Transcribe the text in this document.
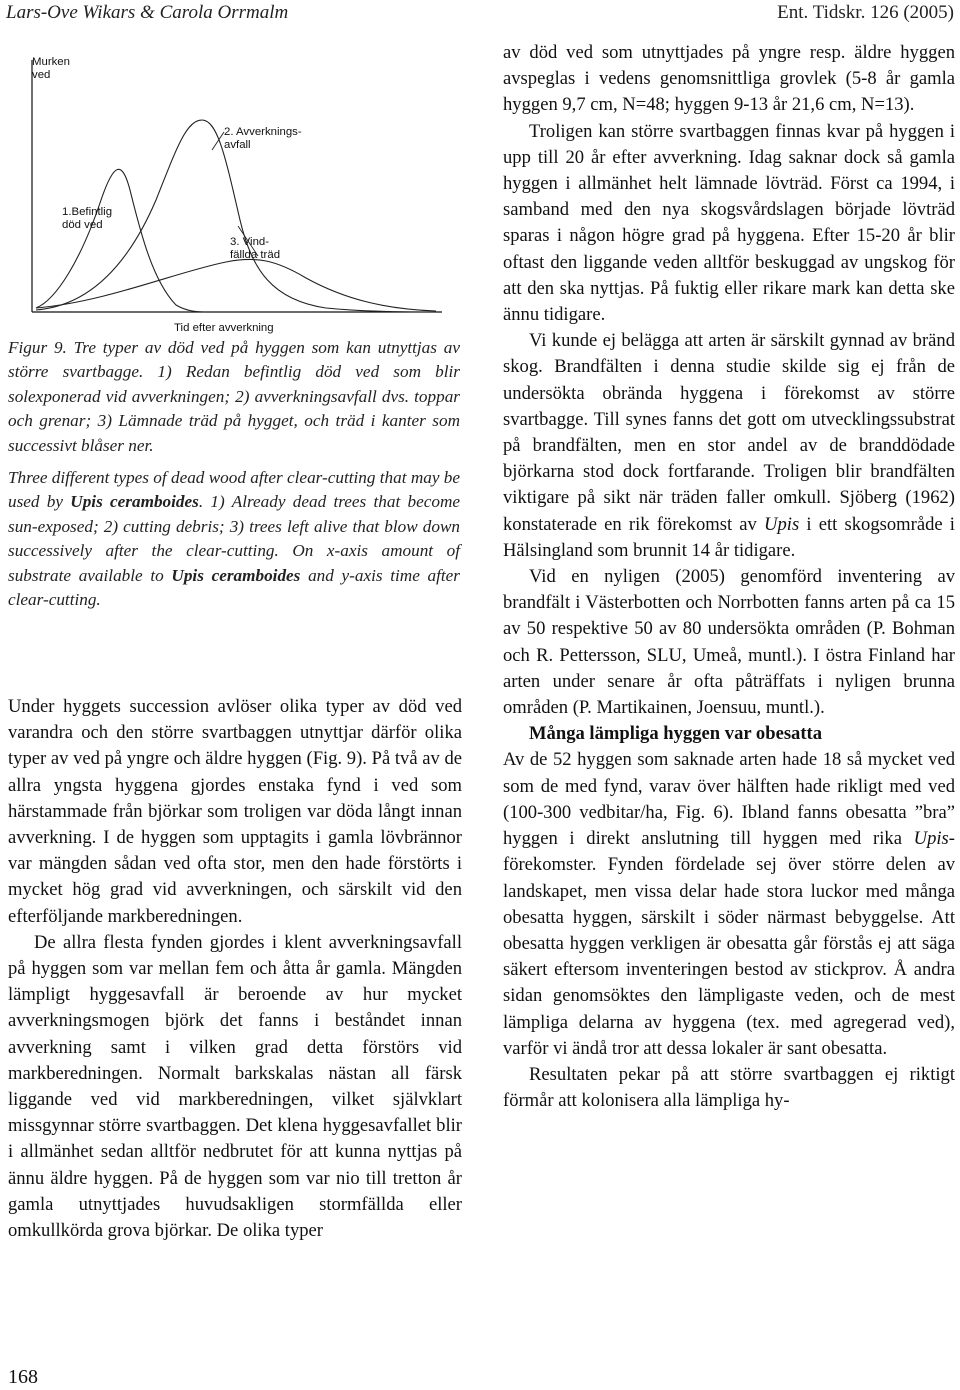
Lars-Ove Wikars & Carola Orrmalm	Ent. Tidskr. 126 (2005)
Murken
ved
2. Avverknings-
avfall
1.Befintlig
död ved
3. Vind-
fällda träd
Tid efter avverkning

Figur 9. Tre typer av död ved på hyggen som kan utnyttjas av större svartbagge. 1) Redan befintlig död ved som blir solexponerad vid avverkningen; 2) avverkningsavfall dvs. toppar och grenar; 3) Lämnade träd på hygget, och träd i kanter som successivt blåser ner.

Three different types of dead wood after clear-cutting that may be used by Upis ceramboides. 1) Already dead trees that become sun-exposed; 2) cutting debris; 3) trees left alive that blow down successively after the clear-cutting. On x-axis amount of substrate available to Upis ceramboides and y-axis time after clear-cutting.

Under hyggets succession avlöser olika typer av död ved varandra och den större svartbaggen utnyttjar därför olika typer av ved på yngre och äldre hyggen (Fig. 9). På två av de allra yngsta hyggena gjordes enstaka fynd i ved som härstammade från björkar som troligen var döda långt innan avverkning. I de hyggen som upptagits i gamla lövbrännor var mängden sådan ved ofta stor, men den hade förstörts i mycket hög grad vid avverkningen, och särskilt vid den efterföljande markberedningen.

De allra flesta fynden gjordes i klent avverkningsavfall på hyggen som var mellan fem och åtta år gamla. Mängden lämpligt hyggesavfall är beroende av hur mycket avverkningsmogen björk det fanns i beståndet innan avverkning samt i vilken grad detta förstörs vid markberedningen. Normalt barkskalas nästan all färsk liggande ved vid markberedningen, vilket självklart missgynnar större svartbaggen. Det klena hyggesavfallet blir i allmänhet sedan alltför nedbrutet för att kunna nyttjas på ännu äldre hyggen. På de hyggen som var nio till tretton år gamla utnyttjades huvudsakligen stormfällda eller omkullkörda grova björkar. De olika typer

av död ved som utnyttjades på yngre resp. äldre hyggen avspeglas i vedens genomsnittliga grovlek (5-8 år gamla hyggen 9,7 cm, N=48; hyggen 9-13 år 21,6 cm, N=13).

Troligen kan större svartbaggen finnas kvar på hyggen i upp till 20 år efter avverkning. Idag saknar dock så gamla hyggen i allmänhet helt lämnade lövträd. Först ca 1994, i samband med den nya skogsvårdslagen började lövträd sparas i någon högre grad på hyggena. Efter 15-20 år blir oftast den liggande veden alltför beskuggad av ungskog för att den ska nyttjas. På fuktig eller rikare mark kan detta ske ännu tidigare.

Vi kunde ej belägga att arten är särskilt gynnad av bränd skog. Brandfälten i denna studie skilde sig ej från de undersökta obrända hyggena i förekomst av större svartbagge. Till synes fanns det gott om utvecklingssubstrat på brandfälten, men en stor andel av de branddödade björkarna stod dock fortfarande. Troligen blir brandfälten viktigare på sikt när träden faller omkull. Sjöberg (1962) konstaterade en rik förekomst av Upis i ett skogsområde i Hälsingland som brunnit 14 år tidigare.

Vid en nyligen (2005) genomförd inventering av brandfält i Västerbotten och Norrbotten fanns arten på ca 15 av 50 respektive 50 av 80 undersökta områden (P. Bohman och R. Pettersson, SLU, Umeå, muntl.). I östra Finland har arten under senare år ofta påträffats i nyligen brunna områden (P. Martikainen, Joensuu, muntl.).

Många lämpliga hyggen var obesatta

Av de 52 hyggen som saknade arten hade 18 så mycket ved som de med fynd, varav över hälften hade rikligt med ved (100-300 vedbitar/ha, Fig. 6). Ibland fanns obesatta ”bra” hyggen i direkt anslutning till hyggen med rika Upis-förekomster. Fynden fördelade sej över större delen av landskapet, men vissa delar hade stora luckor med många obesatta hyggen, särskilt i söder närmast bebyggelse. Att obesatta hyggen verkligen är obesatta går förstås ej att säga säkert eftersom inventeringen bestod av stickprov. Å andra sidan genomsöktes den lämpligaste veden, och de mest lämpliga delarna av hyggena (tex. med agregerad ved), varför vi ändå tror att dessa lokaler är sant obesatta.

Resultaten pekar på att större svartbaggen ej riktigt förmår att kolonisera alla lämpliga hy-

168
